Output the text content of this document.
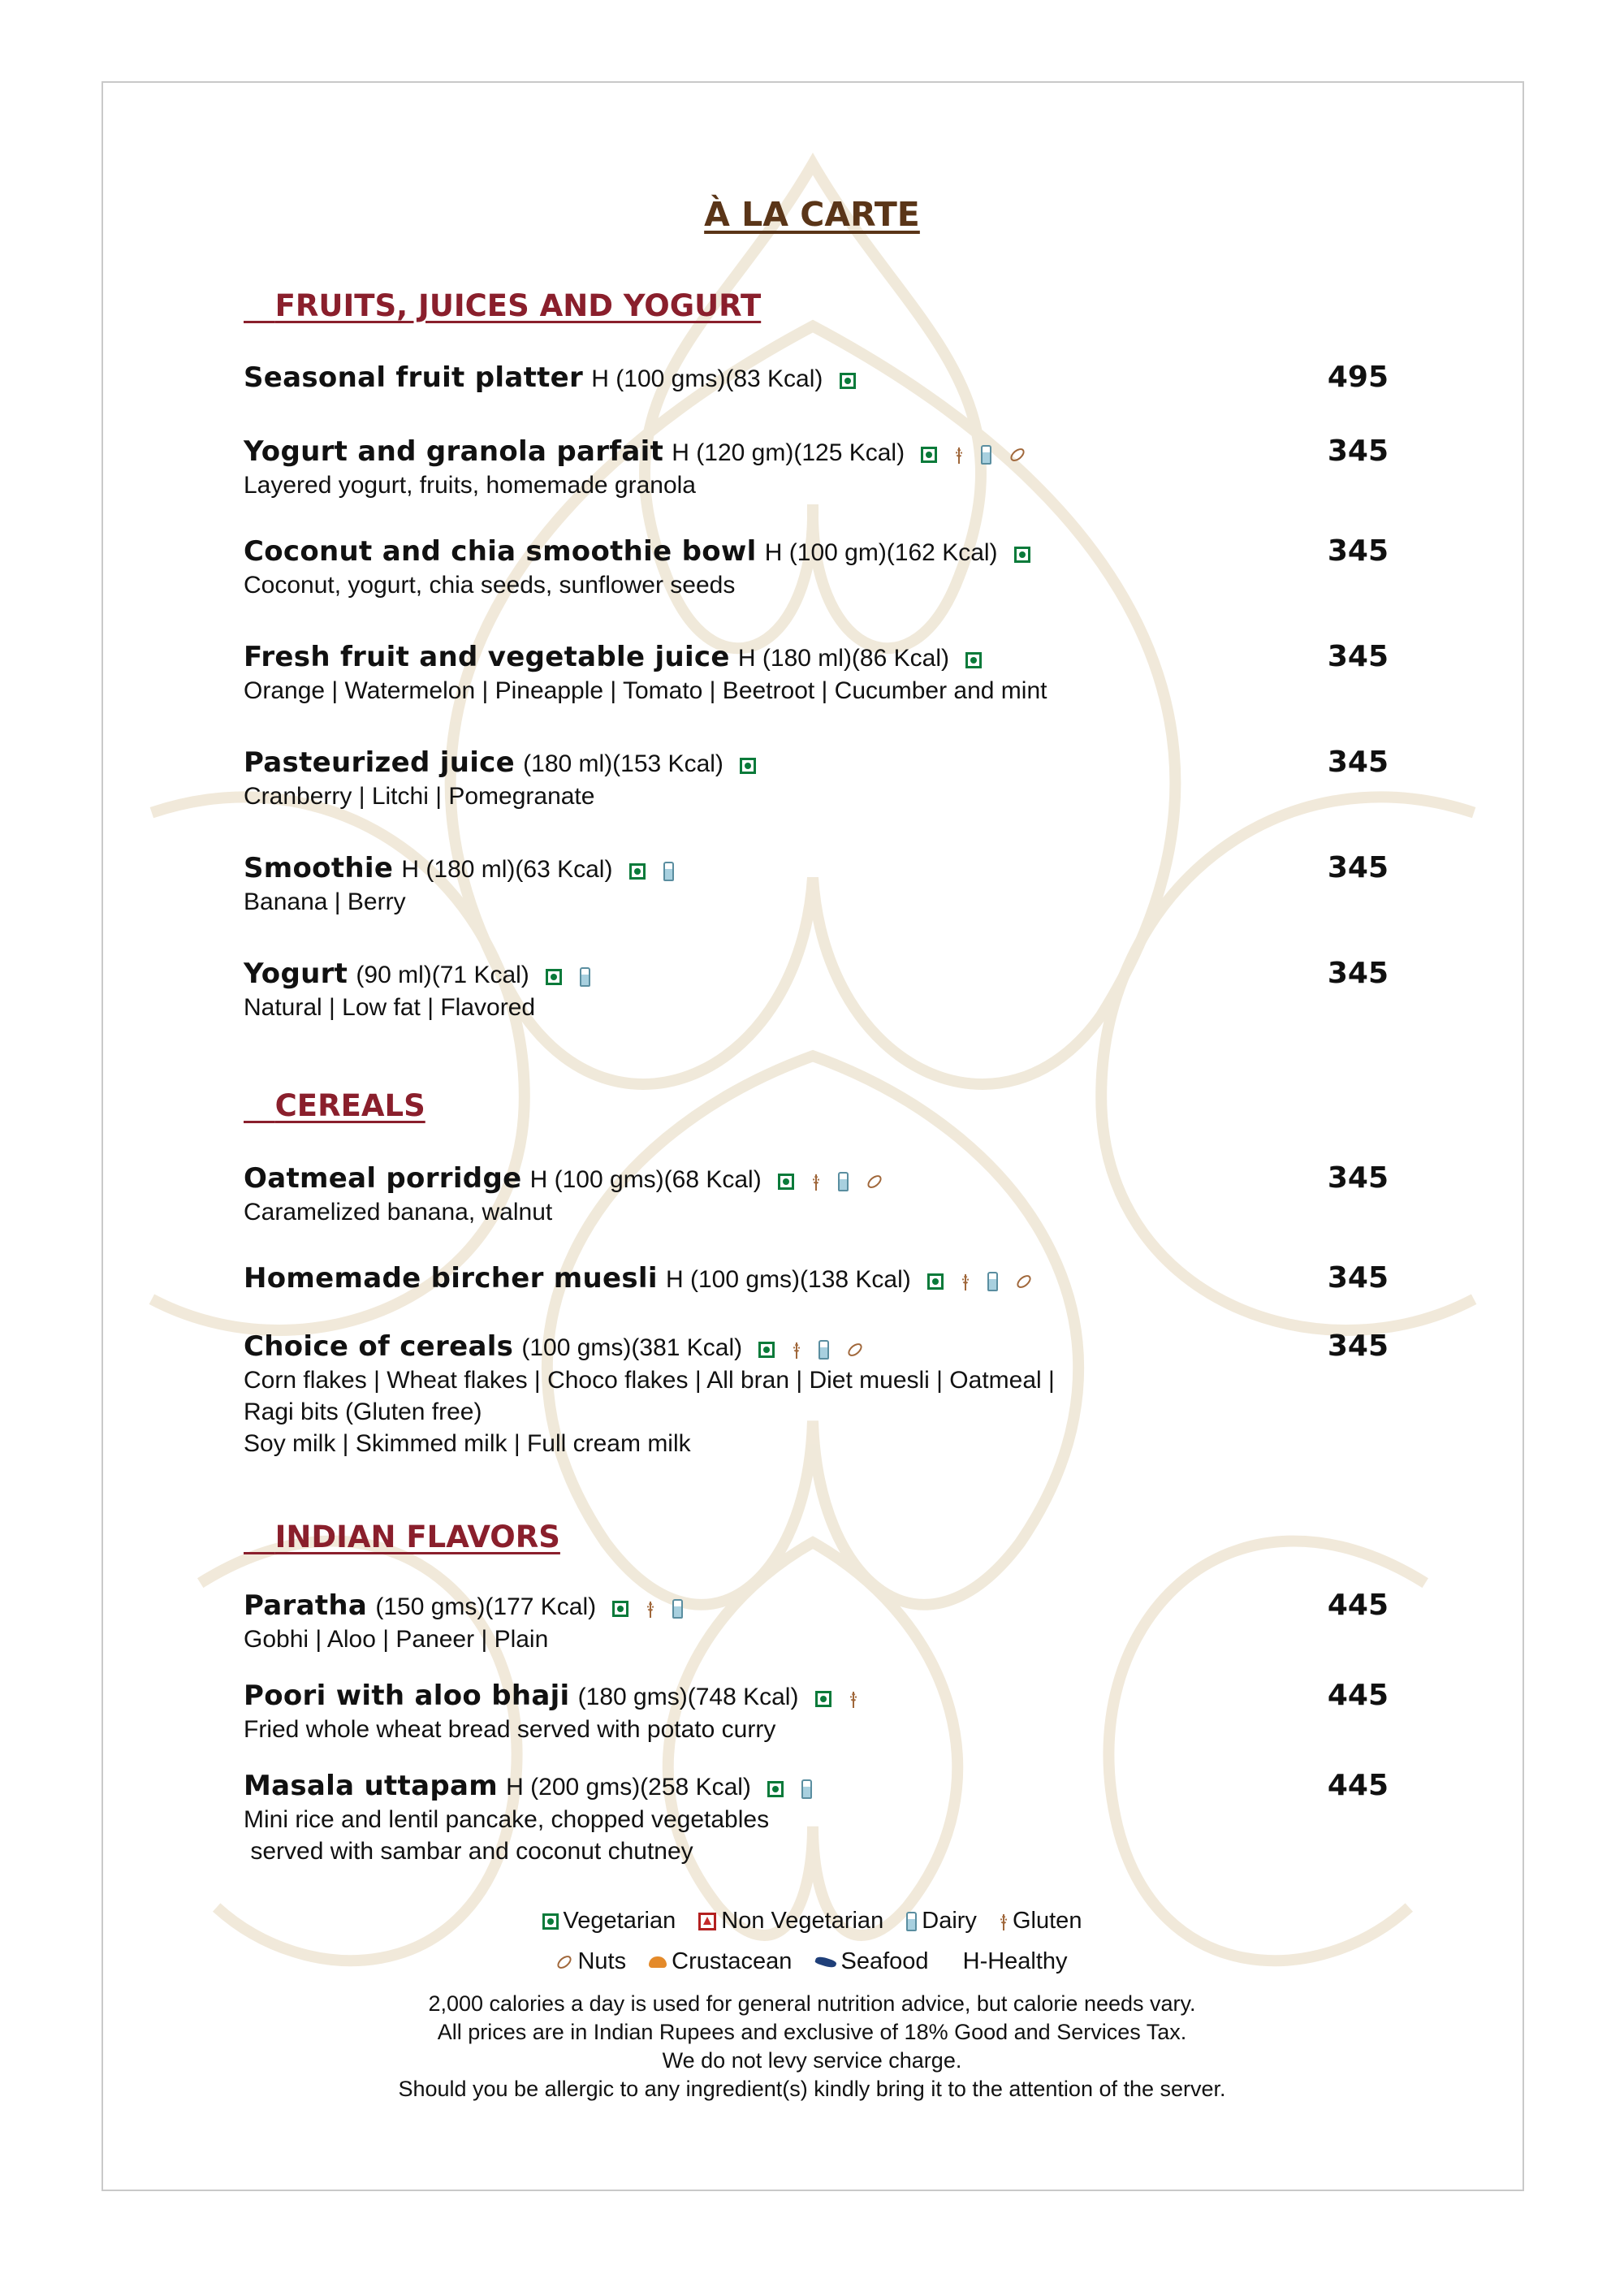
À LA CARTE
FRUITS, JUICES AND YOGURT
Seasonal fruit platter H (100 gms)(83 Kcal)	495
Yogurt and granola parfait H (120 gm)(125 Kcal)
Layered yogurt, fruits, homemade granola
345
Coconut and chia smoothie bowl H (100 gm)(162 Kcal)
Coconut, yogurt, chia seeds, sunflower seeds
345
Fresh fruit and vegetable juice H (180 ml)(86 Kcal)
Orange | Watermelon | Pineapple | Tomato | Beetroot | Cucumber and mint
345
Pasteurized juice (180 ml)(153 Kcal)
Cranberry | Litchi | Pomegranate
345
Smoothie H (180 ml)(63 Kcal)
Banana | Berry
345
Yogurt (90 ml)(71 Kcal)
Natural | Low fat | Flavored
345
CEREALS
Oatmeal porridge H (100 gms)(68 Kcal)
Caramelized banana, walnut
345
Homemade bircher muesli H (100 gms)(138 Kcal)	345
Choice of cereals (100 gms)(381 Kcal)
Corn flakes | Wheat flakes | Choco flakes | All bran | Diet muesli | Oatmeal |
Ragi bits (Gluten free)
Soy milk | Skimmed milk | Full cream milk
345
INDIAN FLAVORS
Paratha (150 gms)(177 Kcal)
Gobhi | Aloo | Paneer | Plain
445
Poori with aloo bhaji (180 gms)(748 Kcal)
Fried whole wheat bread served with potato curry
445
Masala uttapam H (200 gms)(258 Kcal)
Mini rice and lentil pancake, chopped vegetables
served with sambar and coconut chutney
445
Vegetarian Non Vegetarian Dairy Gluten
Nuts Crustacean Seafood H-Healthy
2,000 calories a day is used for general nutrition advice, but calorie needs vary.
All prices are in Indian Rupees and exclusive of 18% Good and Services Tax.
We do not levy service charge.
Should you be allergic to any ingredient(s) kindly bring it to the attention of the server.
